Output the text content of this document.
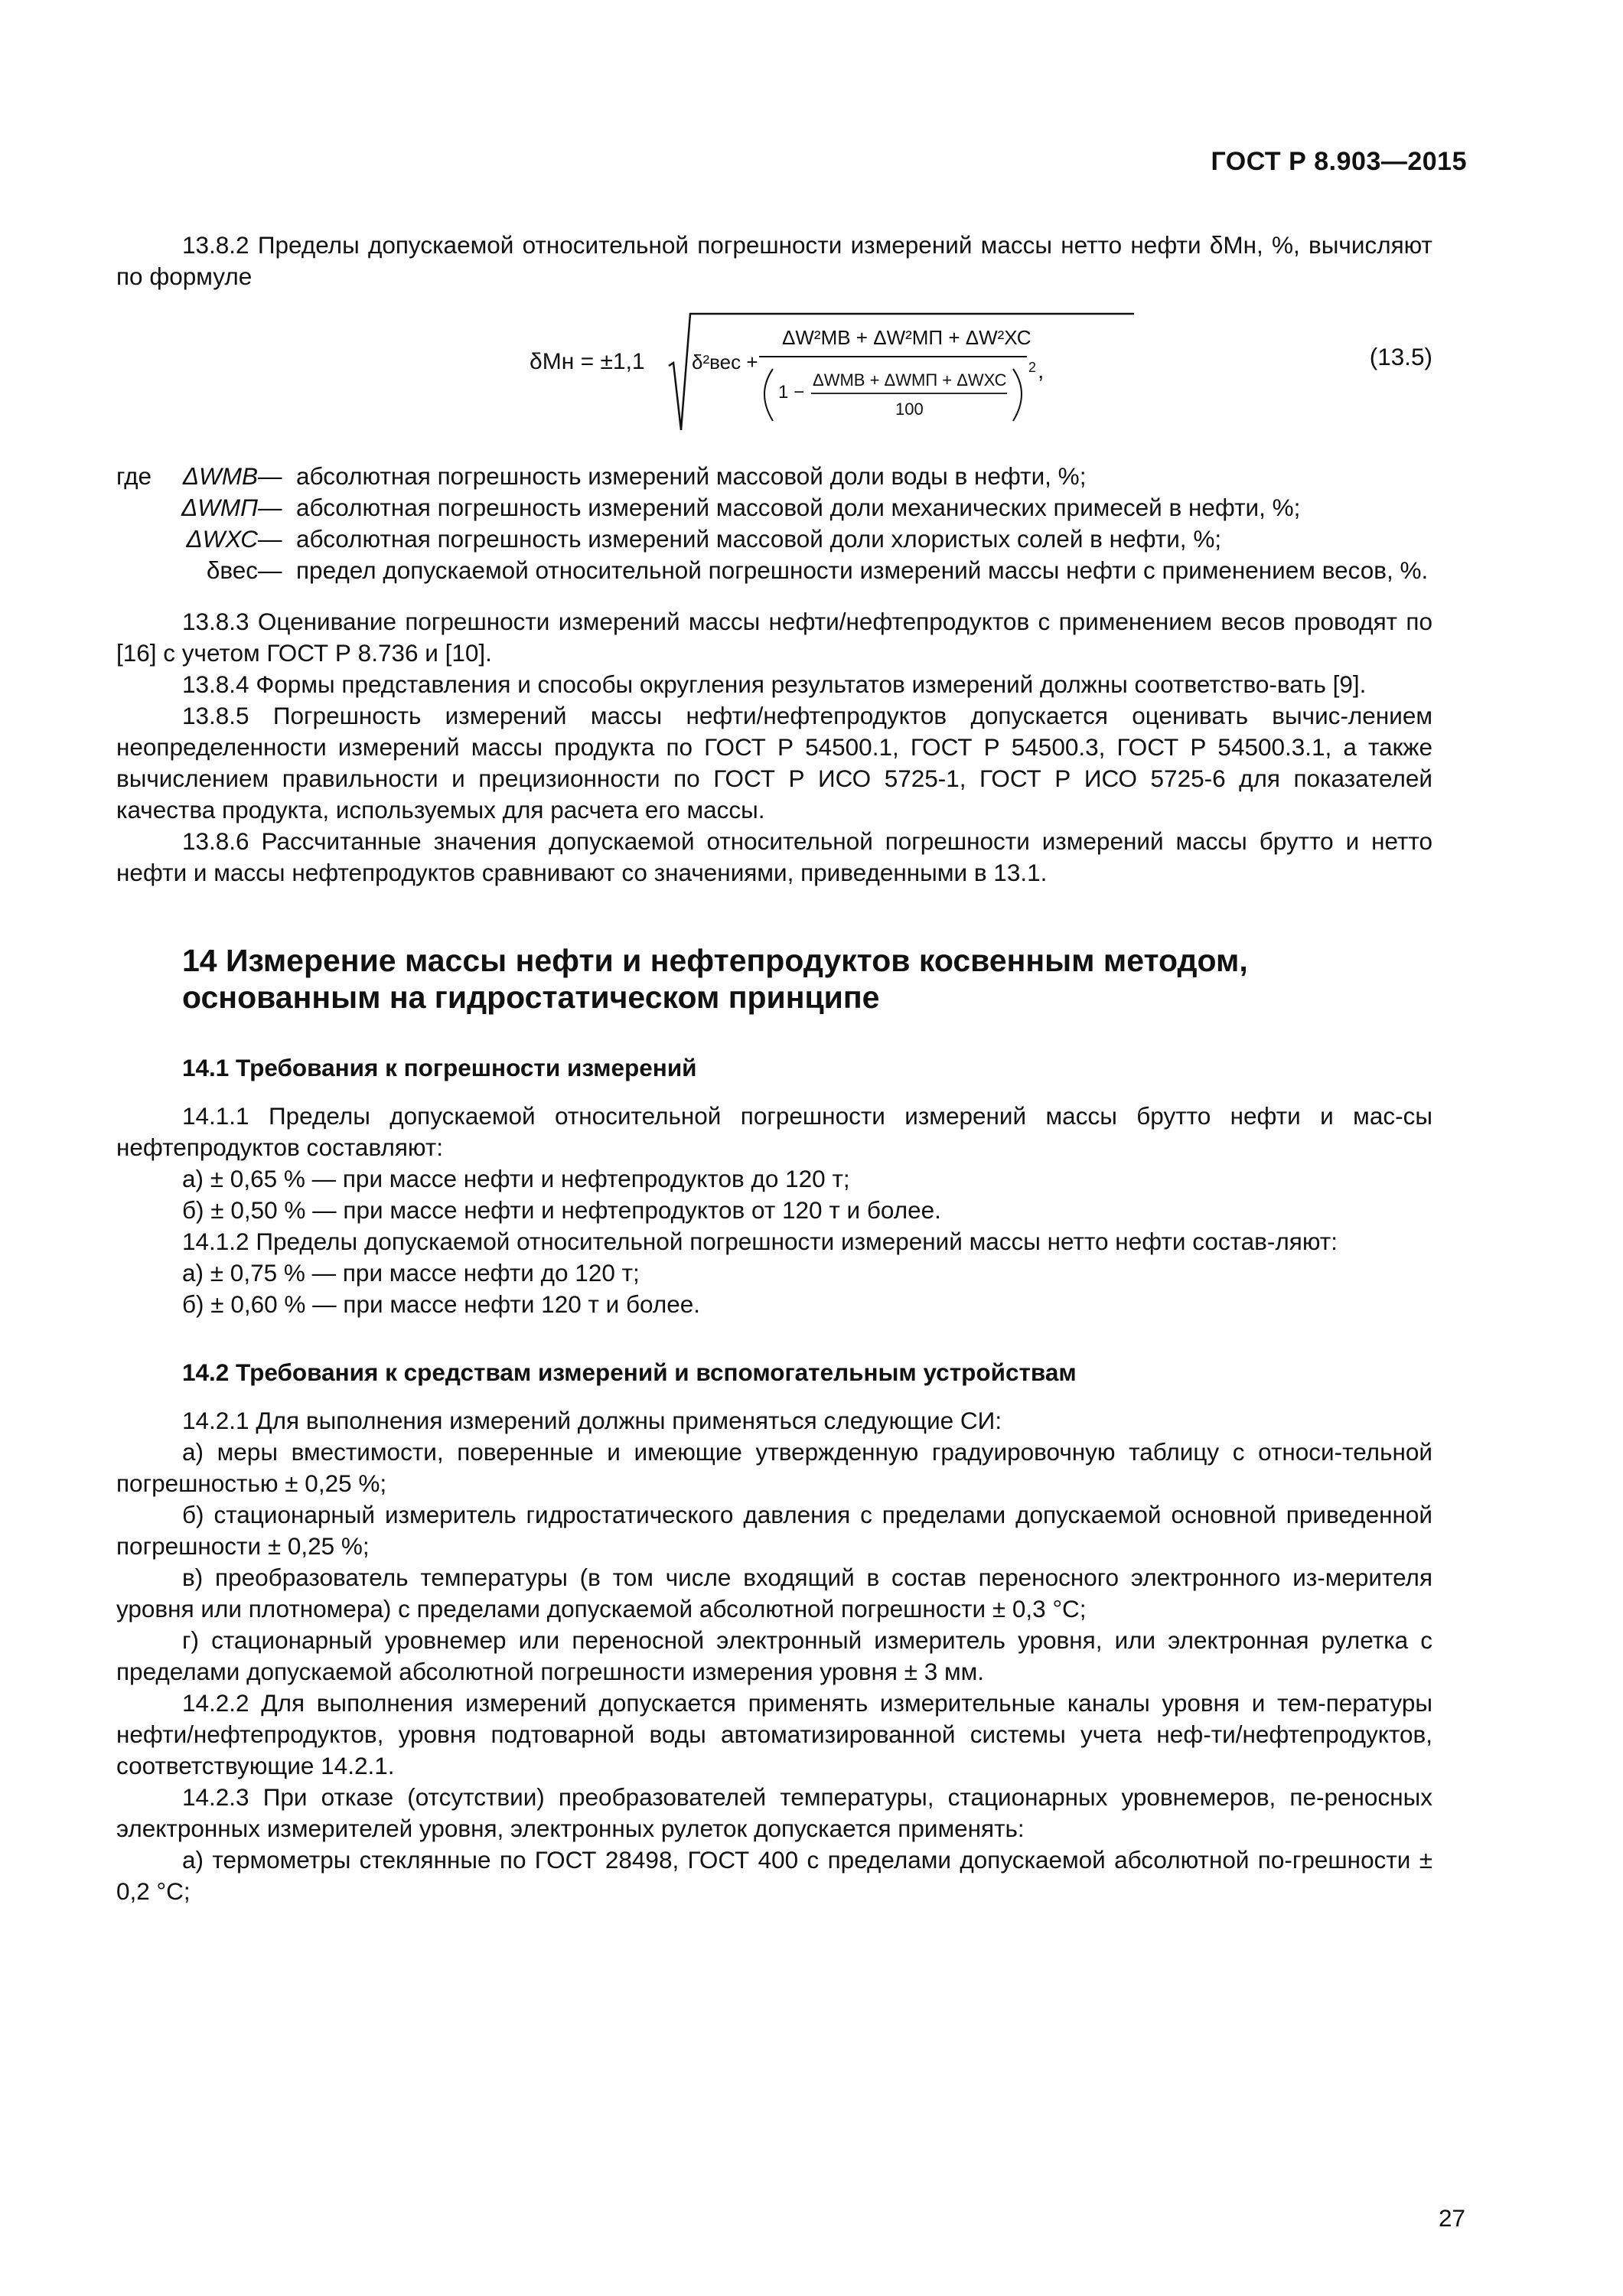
ГОСТ Р 8.903—2015

13.8.2 Пределы допускаемой относительной погрешности измерений массы нетто нефти δMн, %, вычисляют по формуле

δMн = ±1,1 δ²вес +
ΔW²МВ + ΔW²МП + ΔW²ХС
1 −
ΔWМВ + ΔWМП + ΔWХС
100
2 ,
(13.5)
где ΔWМВ — абсолютная погрешность измерений массовой доли воды в нефти, %;
ΔWМП — абсолютная погрешность измерений массовой доли механических примесей в нефти, %;
ΔWХС — абсолютная погрешность измерений массовой доли хлористых солей в нефти, %;
δвес — предел допускаемой относительной погрешности измерений массы нефти с применением весов, %.

13.8.3 Оценивание погрешности измерений массы нефти/нефтепродуктов с применением весов проводят по [16] с учетом ГОСТ Р 8.736 и [10].

13.8.4 Формы представления и способы округления результатов измерений должны соответство-вать [9].

13.8.5 Погрешность измерений массы нефти/нефтепродуктов допускается оценивать вычис-лением неопределенности измерений массы продукта по ГОСТ Р 54500.1, ГОСТ Р 54500.3, ГОСТ Р 54500.3.1, а также вычислением правильности и прецизионности по ГОСТ Р ИСО 5725-1, ГОСТ Р ИСО 5725-6 для показателей качества продукта, используемых для расчета его массы.

13.8.6 Рассчитанные значения допускаемой относительной погрешности измерений массы брутто и нетто нефти и массы нефтепродуктов сравнивают со значениями, приведенными в 13.1.

14 Измерение массы нефти и нефтепродуктов косвенным методом, основанным на гидростатическом принципе
14.1 Требования к погрешности измерений

14.1.1 Пределы допускаемой относительной погрешности измерений массы брутто нефти и мас-сы нефтепродуктов составляют:

а) ± 0,65 % — при массе нефти и нефтепродуктов до 120 т;

б) ± 0,50 % — при массе нефти и нефтепродуктов от 120 т и более.

14.1.2 Пределы допускаемой относительной погрешности измерений массы нетто нефти состав-ляют:

а) ± 0,75 % — при массе нефти до 120 т;

б) ± 0,60 % — при массе нефти 120 т и более.

14.2 Требования к средствам измерений и вспомогательным устройствам

14.2.1 Для выполнения измерений должны применяться следующие СИ:

а) меры вместимости, поверенные и имеющие утвержденную градуировочную таблицу с относи-тельной погрешностью ± 0,25 %;

б) стационарный измеритель гидростатического давления с пределами допускаемой основной приведенной погрешности ± 0,25 %;

в) преобразователь температуры (в том числе входящий в состав переносного электронного из-мерителя уровня или плотномера) с пределами допускаемой абсолютной погрешности ± 0,3 °С;

г) стационарный уровнемер или переносной электронный измеритель уровня, или электронная рулетка с пределами допускаемой абсолютной погрешности измерения уровня ± 3 мм.

14.2.2 Для выполнения измерений допускается применять измерительные каналы уровня и тем-пературы нефти/нефтепродуктов, уровня подтоварной воды автоматизированной системы учета неф-ти/нефтепродуктов, соответствующие 14.2.1.

14.2.3 При отказе (отсутствии) преобразователей температуры, стационарных уровнемеров, пе-реносных электронных измерителей уровня, электронных рулеток допускается применять:

а) термометры стеклянные по ГОСТ 28498, ГОСТ 400 с пределами допускаемой абсолютной по-грешности ± 0,2 °С;

27
